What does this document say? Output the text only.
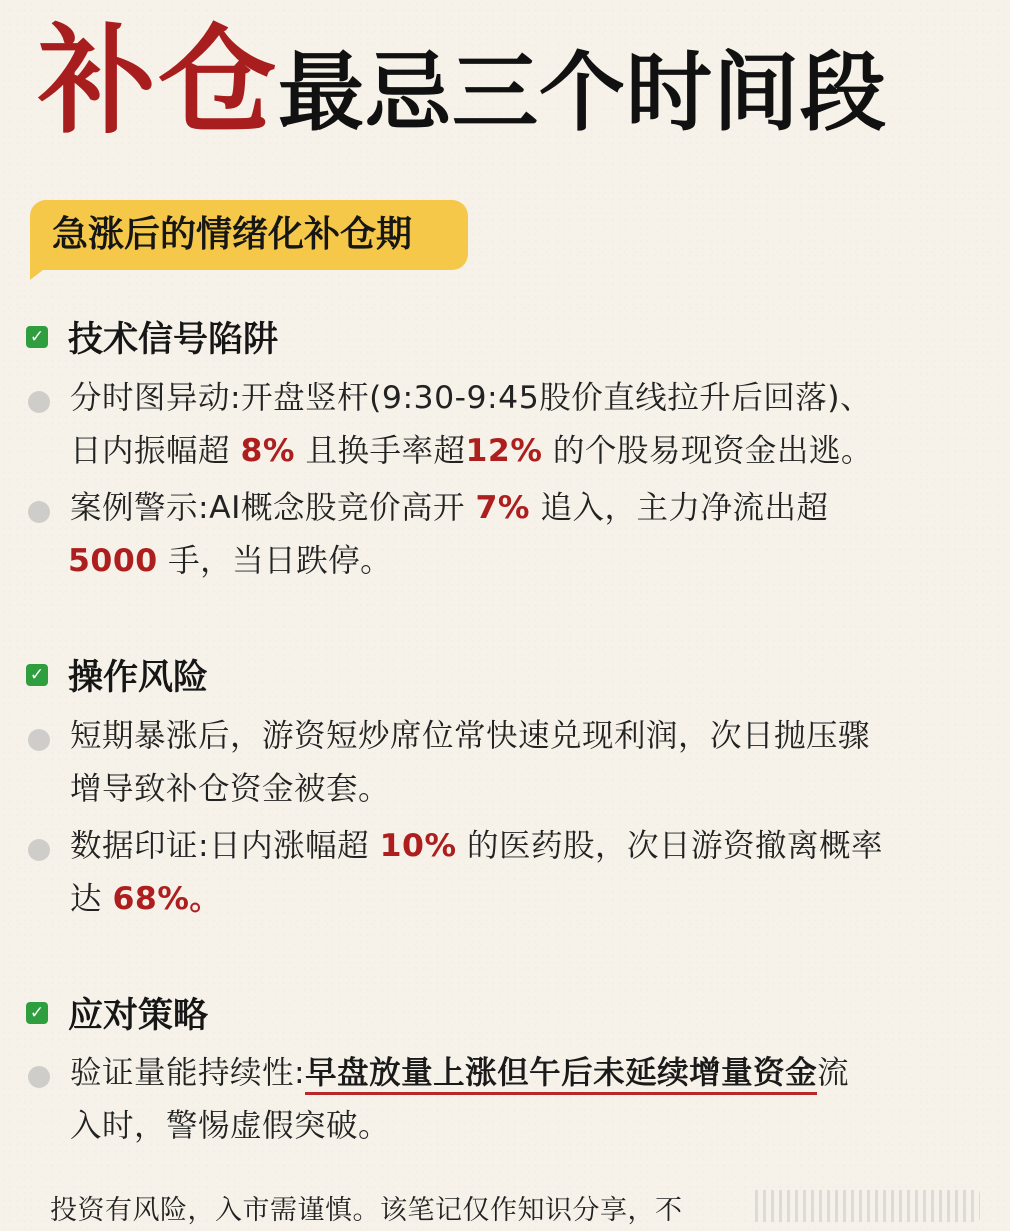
补仓最忌三个时间段
急涨后的情绪化补仓期
✓ 技术信号陷阱
分时图异动:开盘竖杆(9:30-9:45股价直线拉升后回落)、
日内振幅超 8% 且换手率超12% 的个股易现资金出逃。
案例警示:AI概念股竞价高开 7% 追入，主力净流出超
5000 手，当日跌停。
✓ 操作风险
短期暴涨后，游资短炒席位常快速兑现利润，次日抛压骤
增导致补仓资金被套。
数据印证:日内涨幅超 10% 的医药股，次日游资撤离概率
达 68%。
✓ 应对策略
验证量能持续性:早盘放量上涨但午后未延续增量资金流
入时，警惕虚假突破。
投资有风险，入市需谨慎。该笔记仅作知识分享，不
